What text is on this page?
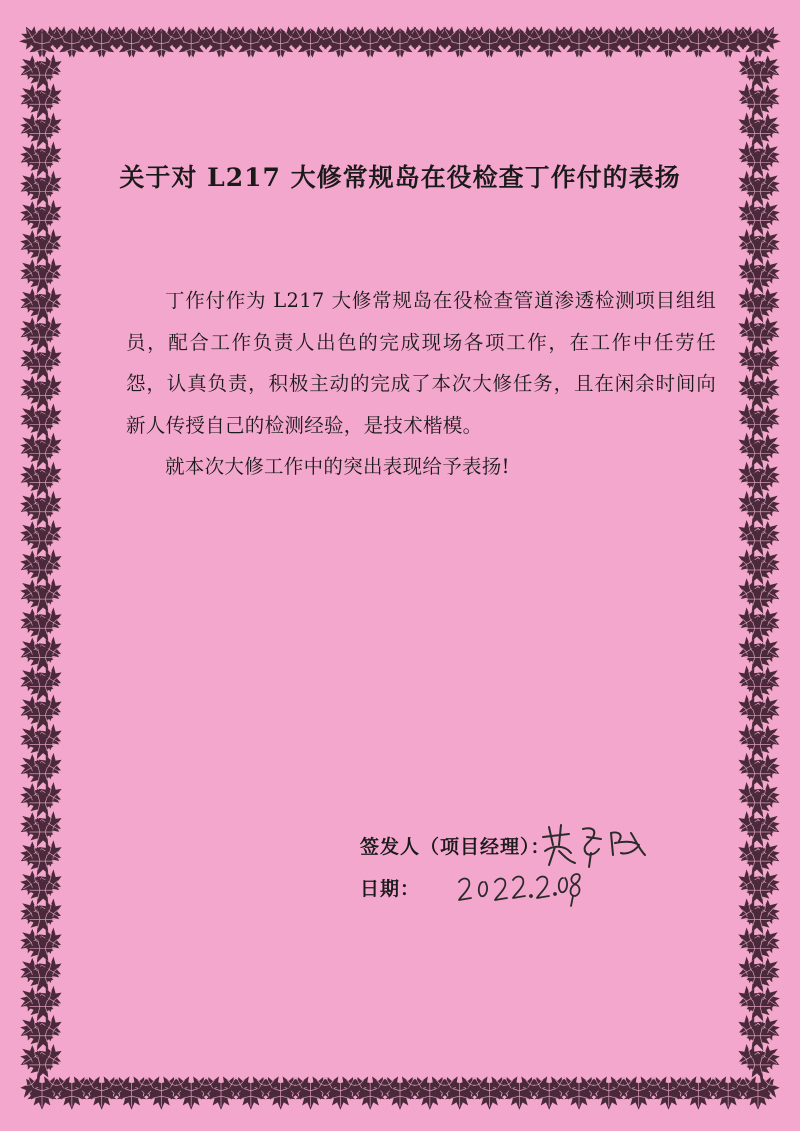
关于对 L217 大修常规岛在役检查丁作付的表扬

丁作付作为 L217 大修常规岛在役检查管道渗透检测项目组组员，配合工作负责人出色的完成现场各项工作，在工作中任劳任怨，认真负责，积极主动的完成了本次大修任务，且在闲余时间向新人传授自己的检测经验，是技术楷模。

就本次大修工作中的突出表现给予表扬!

签发人（项目经理）：
日期：
